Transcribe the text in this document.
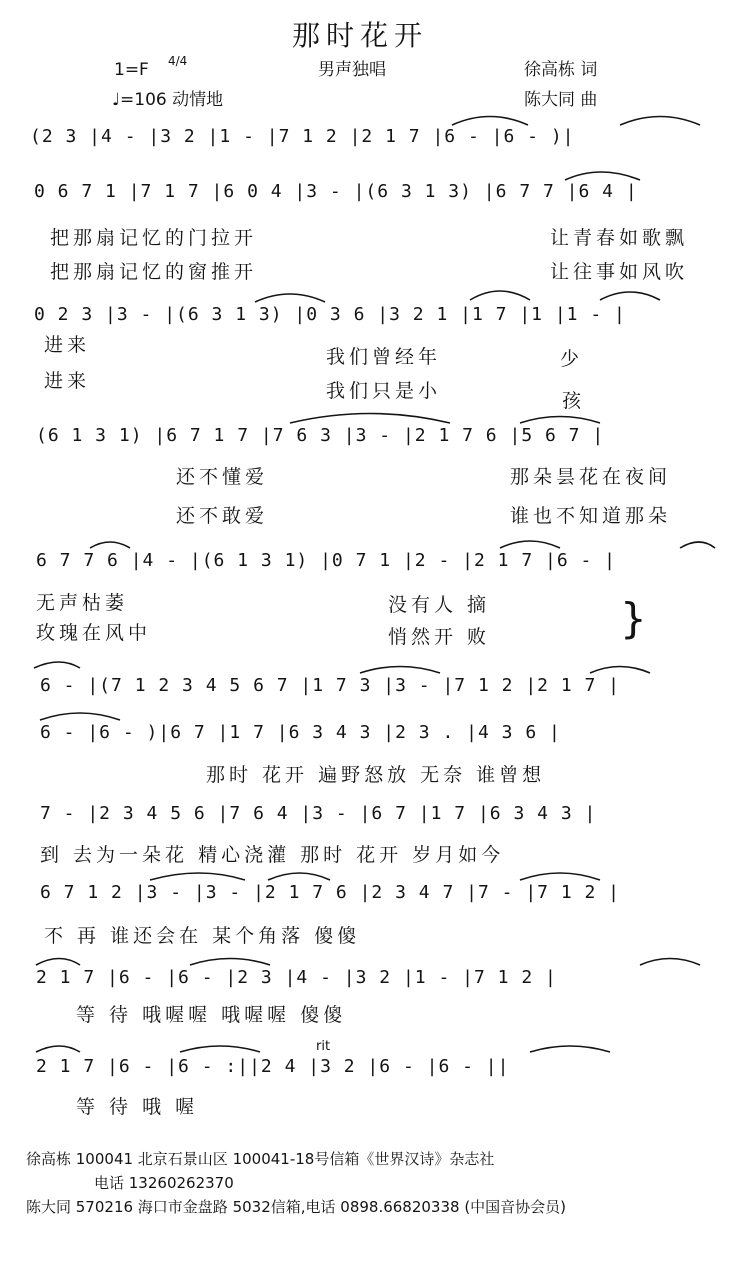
那时花开
1=F 4/4
♩=106 动情地
男声独唱	徐高栋 词
陈大同 曲
(2 3 |4 - |3 2 |1 - |7 1 2 |2 1 7 |6 - |6 - )|
0 6 7 1 |7 1 7 |6 0 4 |3 - |(6 3 1 3) |6 7 7 |6 4 |
把那扇记忆的门拉开
把那扇记忆的窗推开
让青春如歌飘
让往事如风吹
0 2 3 |3 - |(6 3 1 3) |0 3 6 |3 2 1 |1 7 |1 |1 - |
进来
进来
我们曾经年
我们只是小
少
孩
(6 1 3 1) |6 7 1 7 |7 6 3 |3 - |2 1 7 6 |5 6 7 |
还不懂爱
还不敢爱
那朵昙花在夜间
谁也不知道那朵
6 7 7 6 |4 - |(6 1 3 1) |0 7 1 |2 - |2 1 7 |6 - |
无声枯萎
玫瑰在风中
没有人 摘
悄然开 败	}
6 - |(7 1 2 3 4 5 6 7 |1 7 3 |3 - |7 1 2 |2 1 7 |
6 - |6 - )|6 7 |1 7 |6 3 4 3 |2 3 . |4 3 6 |
那时 花开 遍野怒放 无奈 谁曾想
7 - |2 3 4 5 6 |7 6 4 |3 - |6 7 |1 7 |6 3 4 3 |
到 去为一朵花 精心浇灌 那时 花开 岁月如今
6 7 1 2 |3 - |3 - |2 1 7 6 |2 3 4 7 |7 - |7 1 2 |
不 再 谁还会在 某个角落 傻傻
2 1 7 |6 - |6 - |2 3 |4 - |3 2 |1 - |7 1 2 |
等 待 哦喔喔 哦喔喔 傻傻
rit
2 1 7 |6 - |6 - :||2 4 |3 2 |6 - |6 - ||
等 待 哦 喔
徐高栋 100041 北京石景山区 100041-18号信箱《世界汉诗》杂志社
电话 13260262370
陈大同 570216 海口市金盘路 5032信箱,电话 0898.66820338 (中国音协会员)
